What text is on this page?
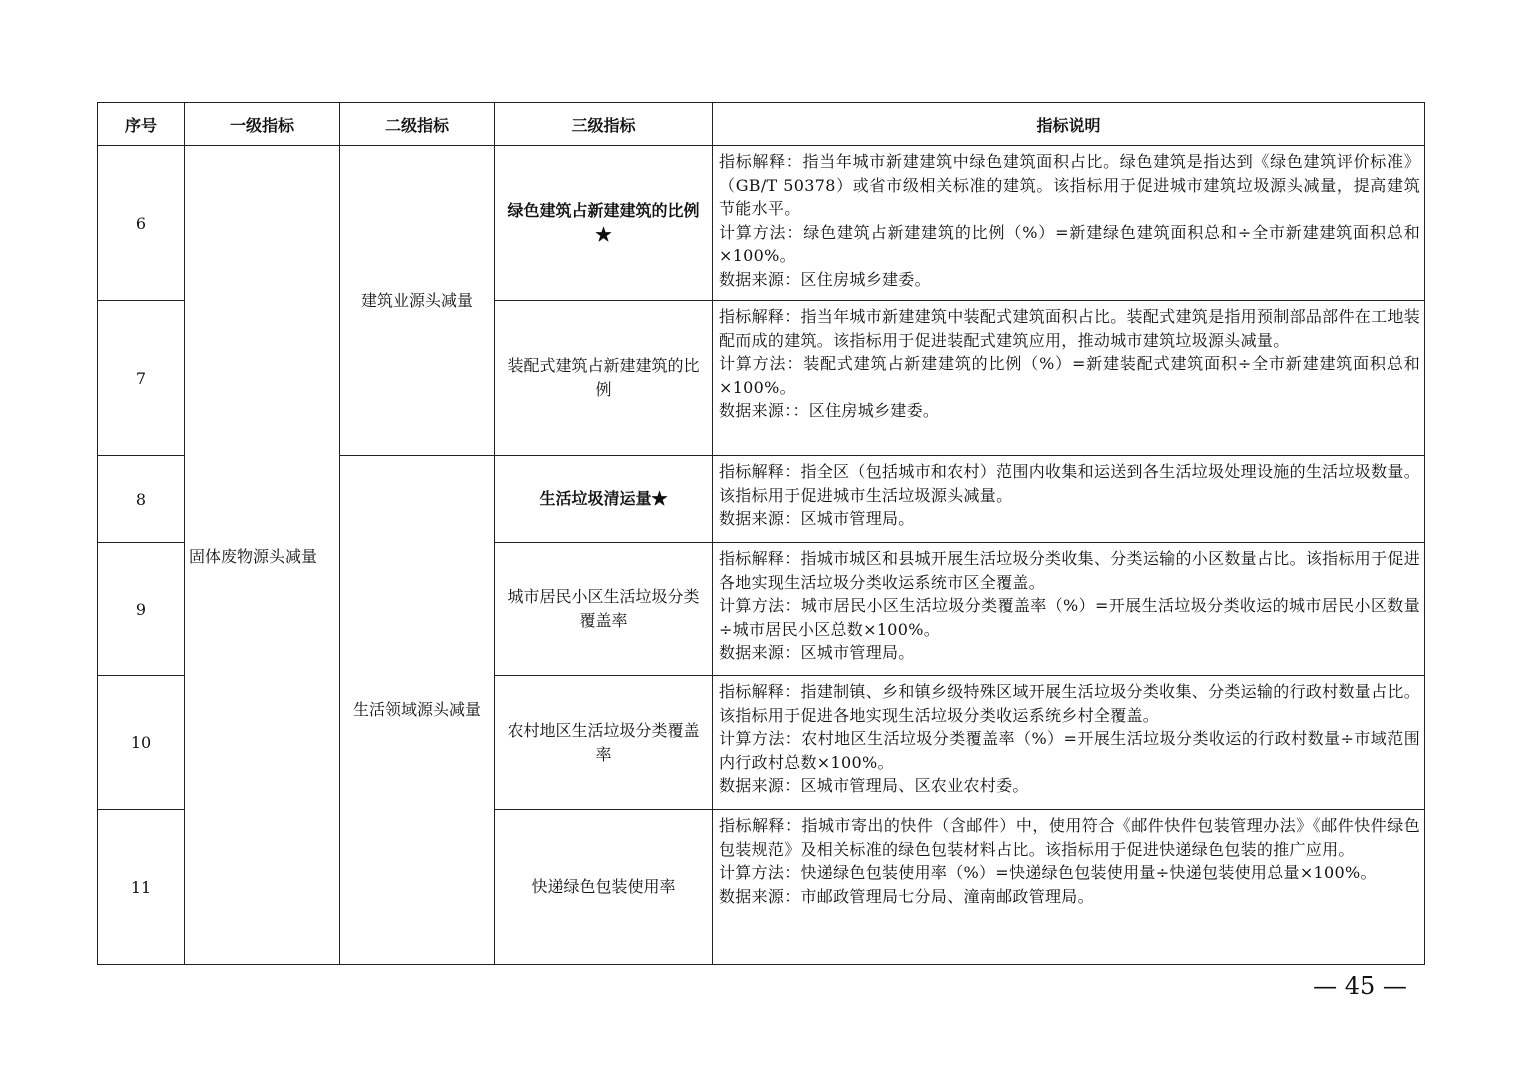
序号	一级指标	二级指标	三级指标	指标说明
6	固体废物源头减量	建筑业源头减量	绿色建筑占新建建筑的比例★	指标解释：指当年城市新建建筑中绿色建筑面积占比。绿色建筑是指达到《绿色建筑评价标准》（GB/T 50378）或省市级相关标准的建筑。该指标用于促进城市建筑垃圾源头减量，提高建筑节能水平。
计算方法：绿色建筑占新建建筑的比例（%）=新建绿色建筑面积总和÷全市新建建筑面积总和×100%。
数据来源：区住房城乡建委。

7			装配式建筑占新建建筑的比例	指标解释：指当年城市新建建筑中装配式建筑面积占比。装配式建筑是指用预制部品部件在工地装配而成的建筑。该指标用于促进装配式建筑应用，推动城市建筑垃圾源头减量。
计算方法：装配式建筑占新建建筑的比例（%）=新建装配式建筑面积÷全市新建建筑面积总和×100%。
数据来源：：区住房城乡建委。

8		生活领域源头减量	生活垃圾清运量★	指标解释：指全区（包括城市和农村）范围内收集和运送到各生活垃圾处理设施的生活垃圾数量。该指标用于促进城市生活垃圾源头减量。
数据来源：区城市管理局。

9			城市居民小区生活垃圾分类覆盖率	指标解释：指城市城区和县城开展生活垃圾分类收集、分类运输的小区数量占比。该指标用于促进各地实现生活垃圾分类收运系统市区全覆盖。
计算方法：城市居民小区生活垃圾分类覆盖率（%）=开展生活垃圾分类收运的城市居民小区数量÷城市居民小区总数×100%。
数据来源：区城市管理局。

10			农村地区生活垃圾分类覆盖率	指标解释：指建制镇、乡和镇乡级特殊区域开展生活垃圾分类收集、分类运输的行政村数量占比。该指标用于促进各地实现生活垃圾分类收运系统乡村全覆盖。
计算方法：农村地区生活垃圾分类覆盖率（%）=开展生活垃圾分类收运的行政村数量÷市域范围内行政村总数×100%。
数据来源：区城市管理局、区农业农村委。

11			快递绿色包装使用率	指标解释：指城市寄出的快件（含邮件）中，使用符合《邮件快件包装管理办法》《邮件快件绿色包装规范》及相关标准的绿色包装材料占比。该指标用于促进快递绿色包装的推广应用。
计算方法：快递绿色包装使用率（%）=快递绿色包装使用量÷快递包装使用总量×100%。
数据来源：市邮政管理局七分局、潼南邮政管理局。
— 45 —
